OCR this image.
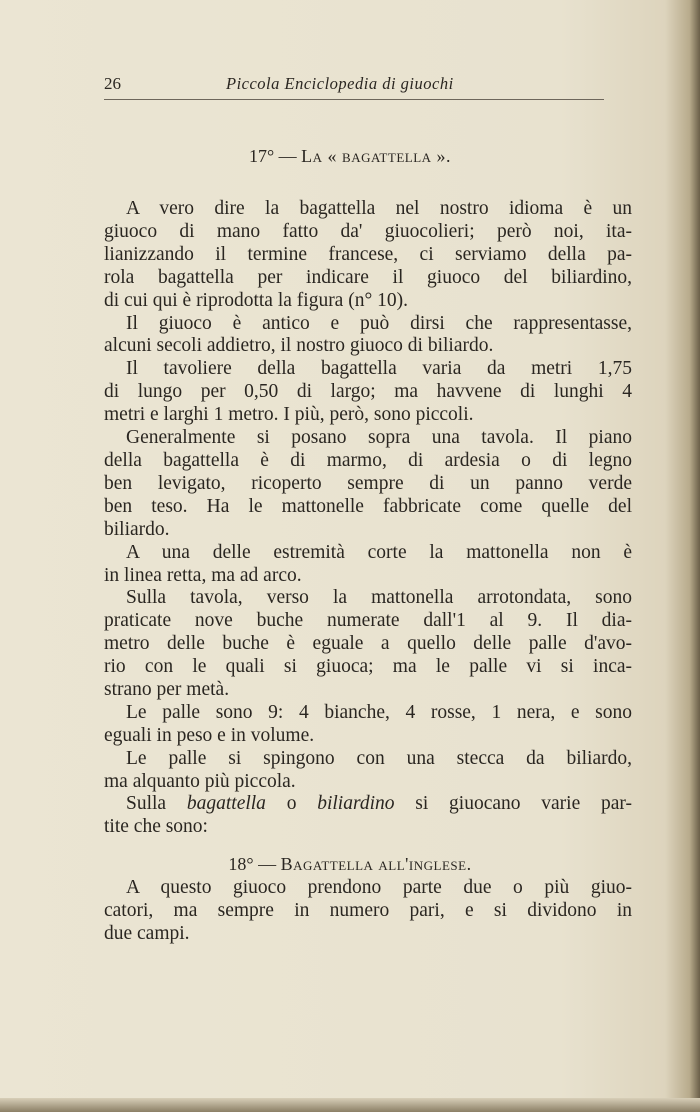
26	Piccola Enciclopedia di giuochi
17° — La « bagattella ».
A vero dire la bagattella nel nostro idioma è un
giuoco di mano fatto da' giuocolieri; però noi, ita-
lianizzando il termine francese, ci serviamo della pa-
rola bagattella per indicare il giuoco del biliardino,
di cui qui è riprodotta la figura (n° 10).
Il giuoco è antico e può dirsi che rappresentasse,
alcuni secoli addietro, il nostro giuoco di biliardo.
Il tavoliere della bagattella varia da metri 1,75
di lungo per 0,50 di largo; ma havvene di lunghi 4
metri e larghi 1 metro. I più, però, sono piccoli.
Generalmente si posano sopra una tavola. Il piano
della bagattella è di marmo, di ardesia o di legno
ben levigato, ricoperto sempre di un panno verde
ben teso. Ha le mattonelle fabbricate come quelle del
biliardo.
A una delle estremità corte la mattonella non è
in linea retta, ma ad arco.
Sulla tavola, verso la mattonella arrotondata, sono
praticate nove buche numerate dall'1 al 9. Il dia-
metro delle buche è eguale a quello delle palle d'avo-
rio con le quali si giuoca; ma le palle vi si inca-
strano per metà.
Le palle sono 9: 4 bianche, 4 rosse, 1 nera, e sono
eguali in peso e in volume.
Le palle si spingono con una stecca da biliardo,
ma alquanto più piccola.
Sulla bagattella o biliardino si giuocano varie par-
tite che sono:
18° — Bagattella all'inglese.
A questo giuoco prendono parte due o più giuo-
catori, ma sempre in numero pari, e si dividono in
due campi.
